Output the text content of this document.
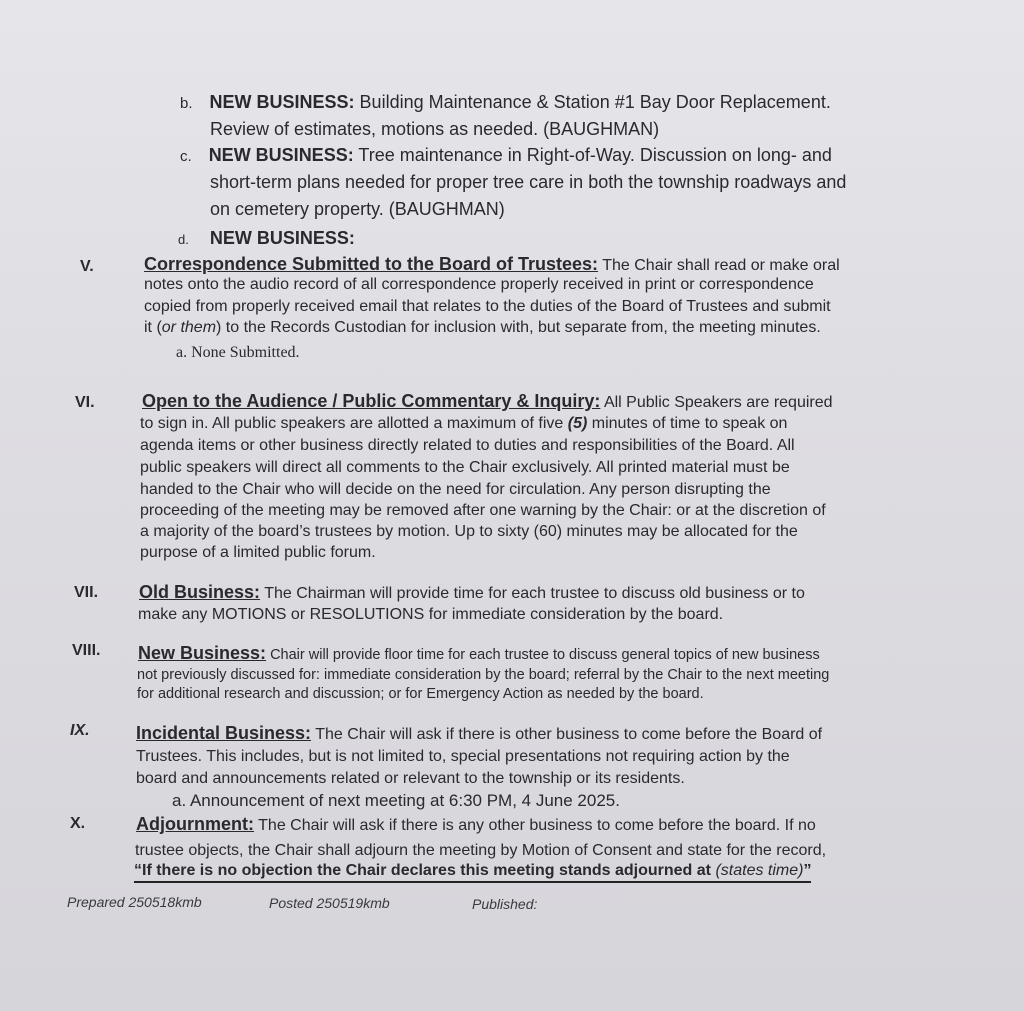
b. NEW BUSINESS: Building Maintenance & Station #1 Bay Door Replacement.
Review of estimates, motions as needed. (BAUGHMAN)
c. NEW BUSINESS: Tree maintenance in Right-of-Way. Discussion on long- and
short-term plans needed for proper tree care in both the township roadways and
on cemetery property. (BAUGHMAN)
d. NEW BUSINESS:
V.	Correspondence Submitted to the Board of Trustees: The Chair shall read or make oral
notes onto the audio record of all correspondence properly received in print or correspondence
copied from properly received email that relates to the duties of the Board of Trustees and submit
it (or them) to the Records Custodian for inclusion with, but separate from, the meeting minutes.
a. None Submitted.
VI.	Open to the Audience / Public Commentary & Inquiry: All Public Speakers are required
to sign in. All public speakers are allotted a maximum of five (5) minutes of time to speak on
agenda items or other business directly related to duties and responsibilities of the Board. All
public speakers will direct all comments to the Chair exclusively. All printed material must be
handed to the Chair who will decide on the need for circulation. Any person disrupting the
proceeding of the meeting may be removed after one warning by the Chair: or at the discretion of
a majority of the board’s trustees by motion. Up to sixty (60) minutes may be allocated for the
purpose of a limited public forum.
VII. Old Business: The Chairman will provide time for each trustee to discuss old business or to
make any MOTIONS or RESOLUTIONS for immediate consideration by the board.
VIII. New Business: Chair will provide floor time for each trustee to discuss general topics of new business
not previously discussed for: immediate consideration by the board; referral by the Chair to the next meeting
for additional research and discussion; or for Emergency Action as needed by the board.
IX.	Incidental Business: The Chair will ask if there is other business to come before the Board of
Trustees. This includes, but is not limited to, special presentations not requiring action by the
board and announcements related or relevant to the township or its residents.
a. Announcement of next meeting at 6:30 PM, 4 June 2025.
X.	Adjournment: The Chair will ask if there is any other business to come before the board. If no
trustee objects, the Chair shall adjourn the meeting by Motion of Consent and state for the record,
“If there is no objection the Chair declares this meeting stands adjourned at (states time)”
Prepared 250518kmb	Posted 250519kmb	Published:
